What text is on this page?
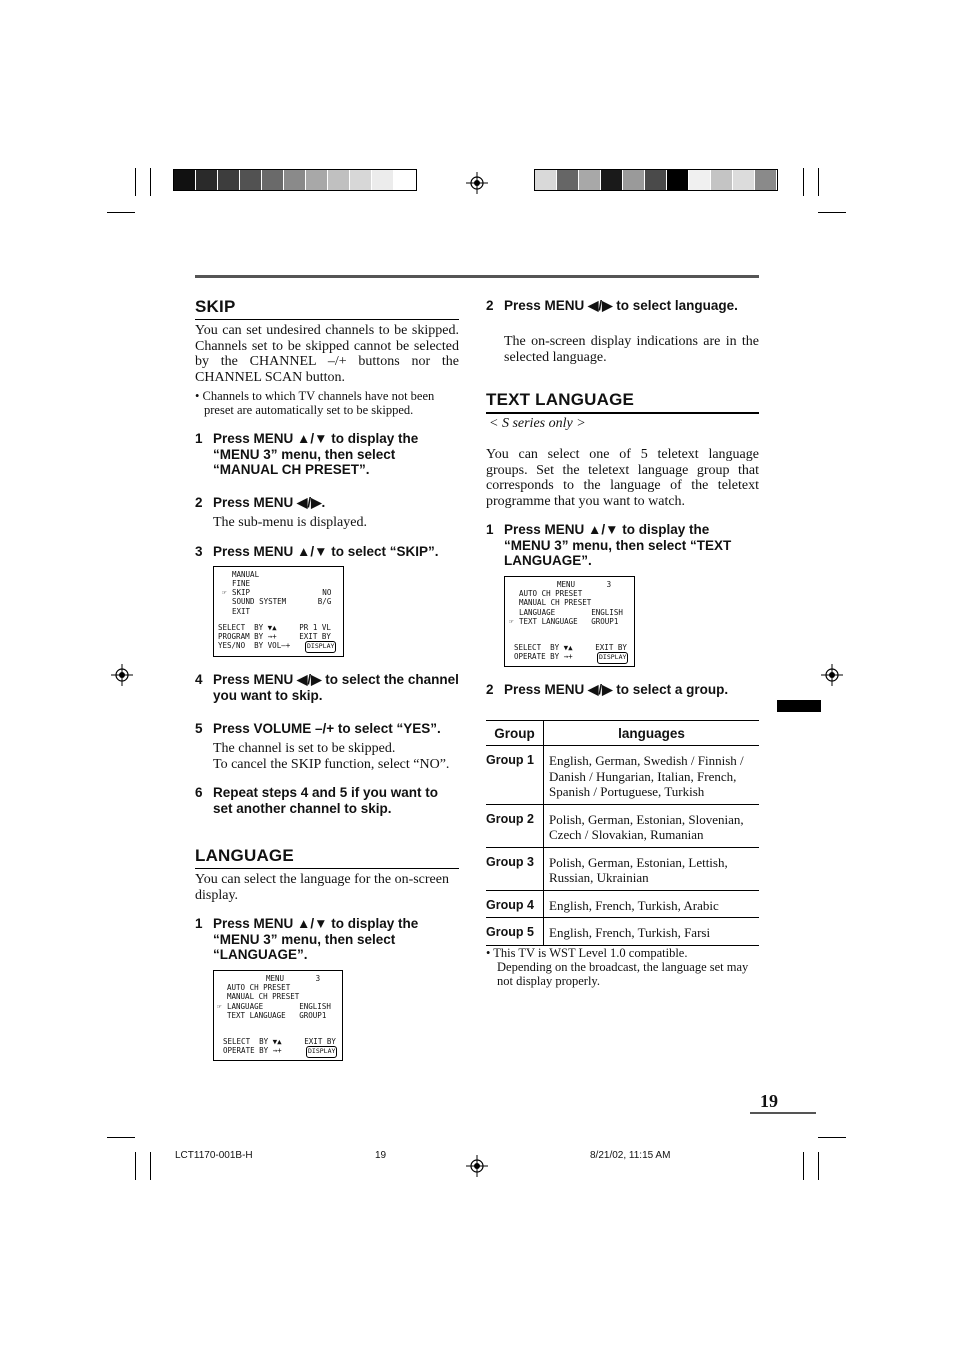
SKIP
You can set undesired channels to be skipped. Channels set to be skipped cannot be selected by the CHANNEL –/+ buttons nor the CHANNEL SCAN button.
• Channels to which TV channels have not been preset are automatically set to be skipped.
1 Press MENU ▲/▼ to display the “MENU 3” menu, then select “MANUAL CH PRESET”.
2 Press MENU ◀/▶.
The sub-menu is displayed.
3 Press MENU ▲/▼ to select “SKIP”.

MANUAL

FINE

☞

SKIP                NO

SOUND SYSTEM       B/G

EXIT

SELECT  BY ▼▲     PR 1 VL

PROGRAM BY →+     EXIT BY

YES/NO  BY VOL–+

	DISPLAY

4 Press MENU ◀/▶ to select the channel you want to skip.
5 Press VOLUME –/+ to select “YES”.
The channel is set to be skipped.
To cancel the SKIP function, select “NO”.
6 Repeat steps 4 and 5 if you want to set another channel to skip.
LANGUAGE
You can select the language for the on-screen display.
1 Press MENU ▲/▼ to display the “MENU 3” menu, then select “LANGUAGE”.

MENU       3

AUTO CH PRESET

MANUAL CH PRESET

☞

LANGUAGE        ENGLISH

TEXT LANGUAGE   GROUP1

SELECT  BY ▼▲     EXIT BY

OPERATE BY →+

	DISPLAY

2 Press MENU ◀/▶ to select language.
The on-screen display indications are in the selected language.
TEXT LANGUAGE
< S series only >
You can select one of 5 teletext language groups. Set the teletext language group that corresponds to the language of the teletext programme that you want to watch.
1 Press MENU ▲/▼ to display the “MENU 3” menu, then select “TEXT LANGUAGE”.

MENU       3

AUTO CH PRESET

MANUAL CH PRESET

LANGUAGE        ENGLISH

☞

TEXT LANGUAGE   GROUP1

SELECT  BY ▼▲     EXIT BY

OPERATE BY →+

	DISPLAY

2 Press MENU ◀/▶ to select a group.
Group	languages
Group 1	English, German, Swedish / Finnish / Danish / Hungarian, Italian, French, Spanish / Portuguese, Turkish
Group 2	Polish, German, Estonian, Slovenian, Czech / Slovakian, Rumanian
Group 3	Polish, German, Estonian, Lettish, Russian, Ukrainian
Group 4	English, French, Turkish, Arabic
Group 5	English, French, Turkish, Farsi
• This TV is WST Level 1.0 compatible.
Depending on the broadcast, the language set may not display properly.
19
LCT1170-001B-H	19	8/21/02, 11:15 AM
